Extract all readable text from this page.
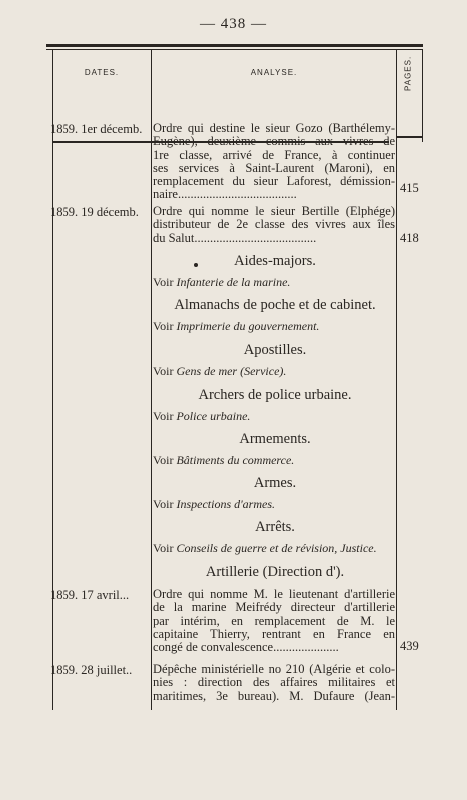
— 438 —
DATES.	ANALYSE.	PAGES.
1859. 1er décemb. Ordre qui destine le sieur Gozo (Barthélemy-
Eugène), deuxième commis aux vivres de
1re classe, arrivé de France, à continuer
ses services à Saint-Laurent (Maroni), en
remplacement du sieur Laforest, démission-
naire......................................	415
1859. 19 décemb. Ordre qui nomme le sieur Bertille (Elphége)
distributeur de 2e classe des vivres aux îles
du Salut.......................................	418
Aides-majors.
Voir Infanterie de la marine.
Almanachs de poche et de cabinet.
Voir Imprimerie du gouvernement.
Apostilles.
Voir Gens de mer (Service).
Archers de police urbaine.
Voir Police urbaine.
Armements.
Voir Bâtiments du commerce.
Armes.
Voir Inspections d'armes.
Arrêts.
Voir Conseils de guerre et de révision, Justice.
Artillerie (Direction d').
1859. 17 avril... Ordre qui nomme M. le lieutenant d'artillerie
de la marine Meifrédy directeur d'artillerie
par intérim, en remplacement de M. le
capitaine Thierry, rentrant en France en
congé de convalescence.....................	439
1859. 28 juillet.. Dépêche ministérielle no 210 (Algérie et colo-
nies : direction des affaires militaires et
maritimes, 3e bureau). M. Dufaure (Jean-
